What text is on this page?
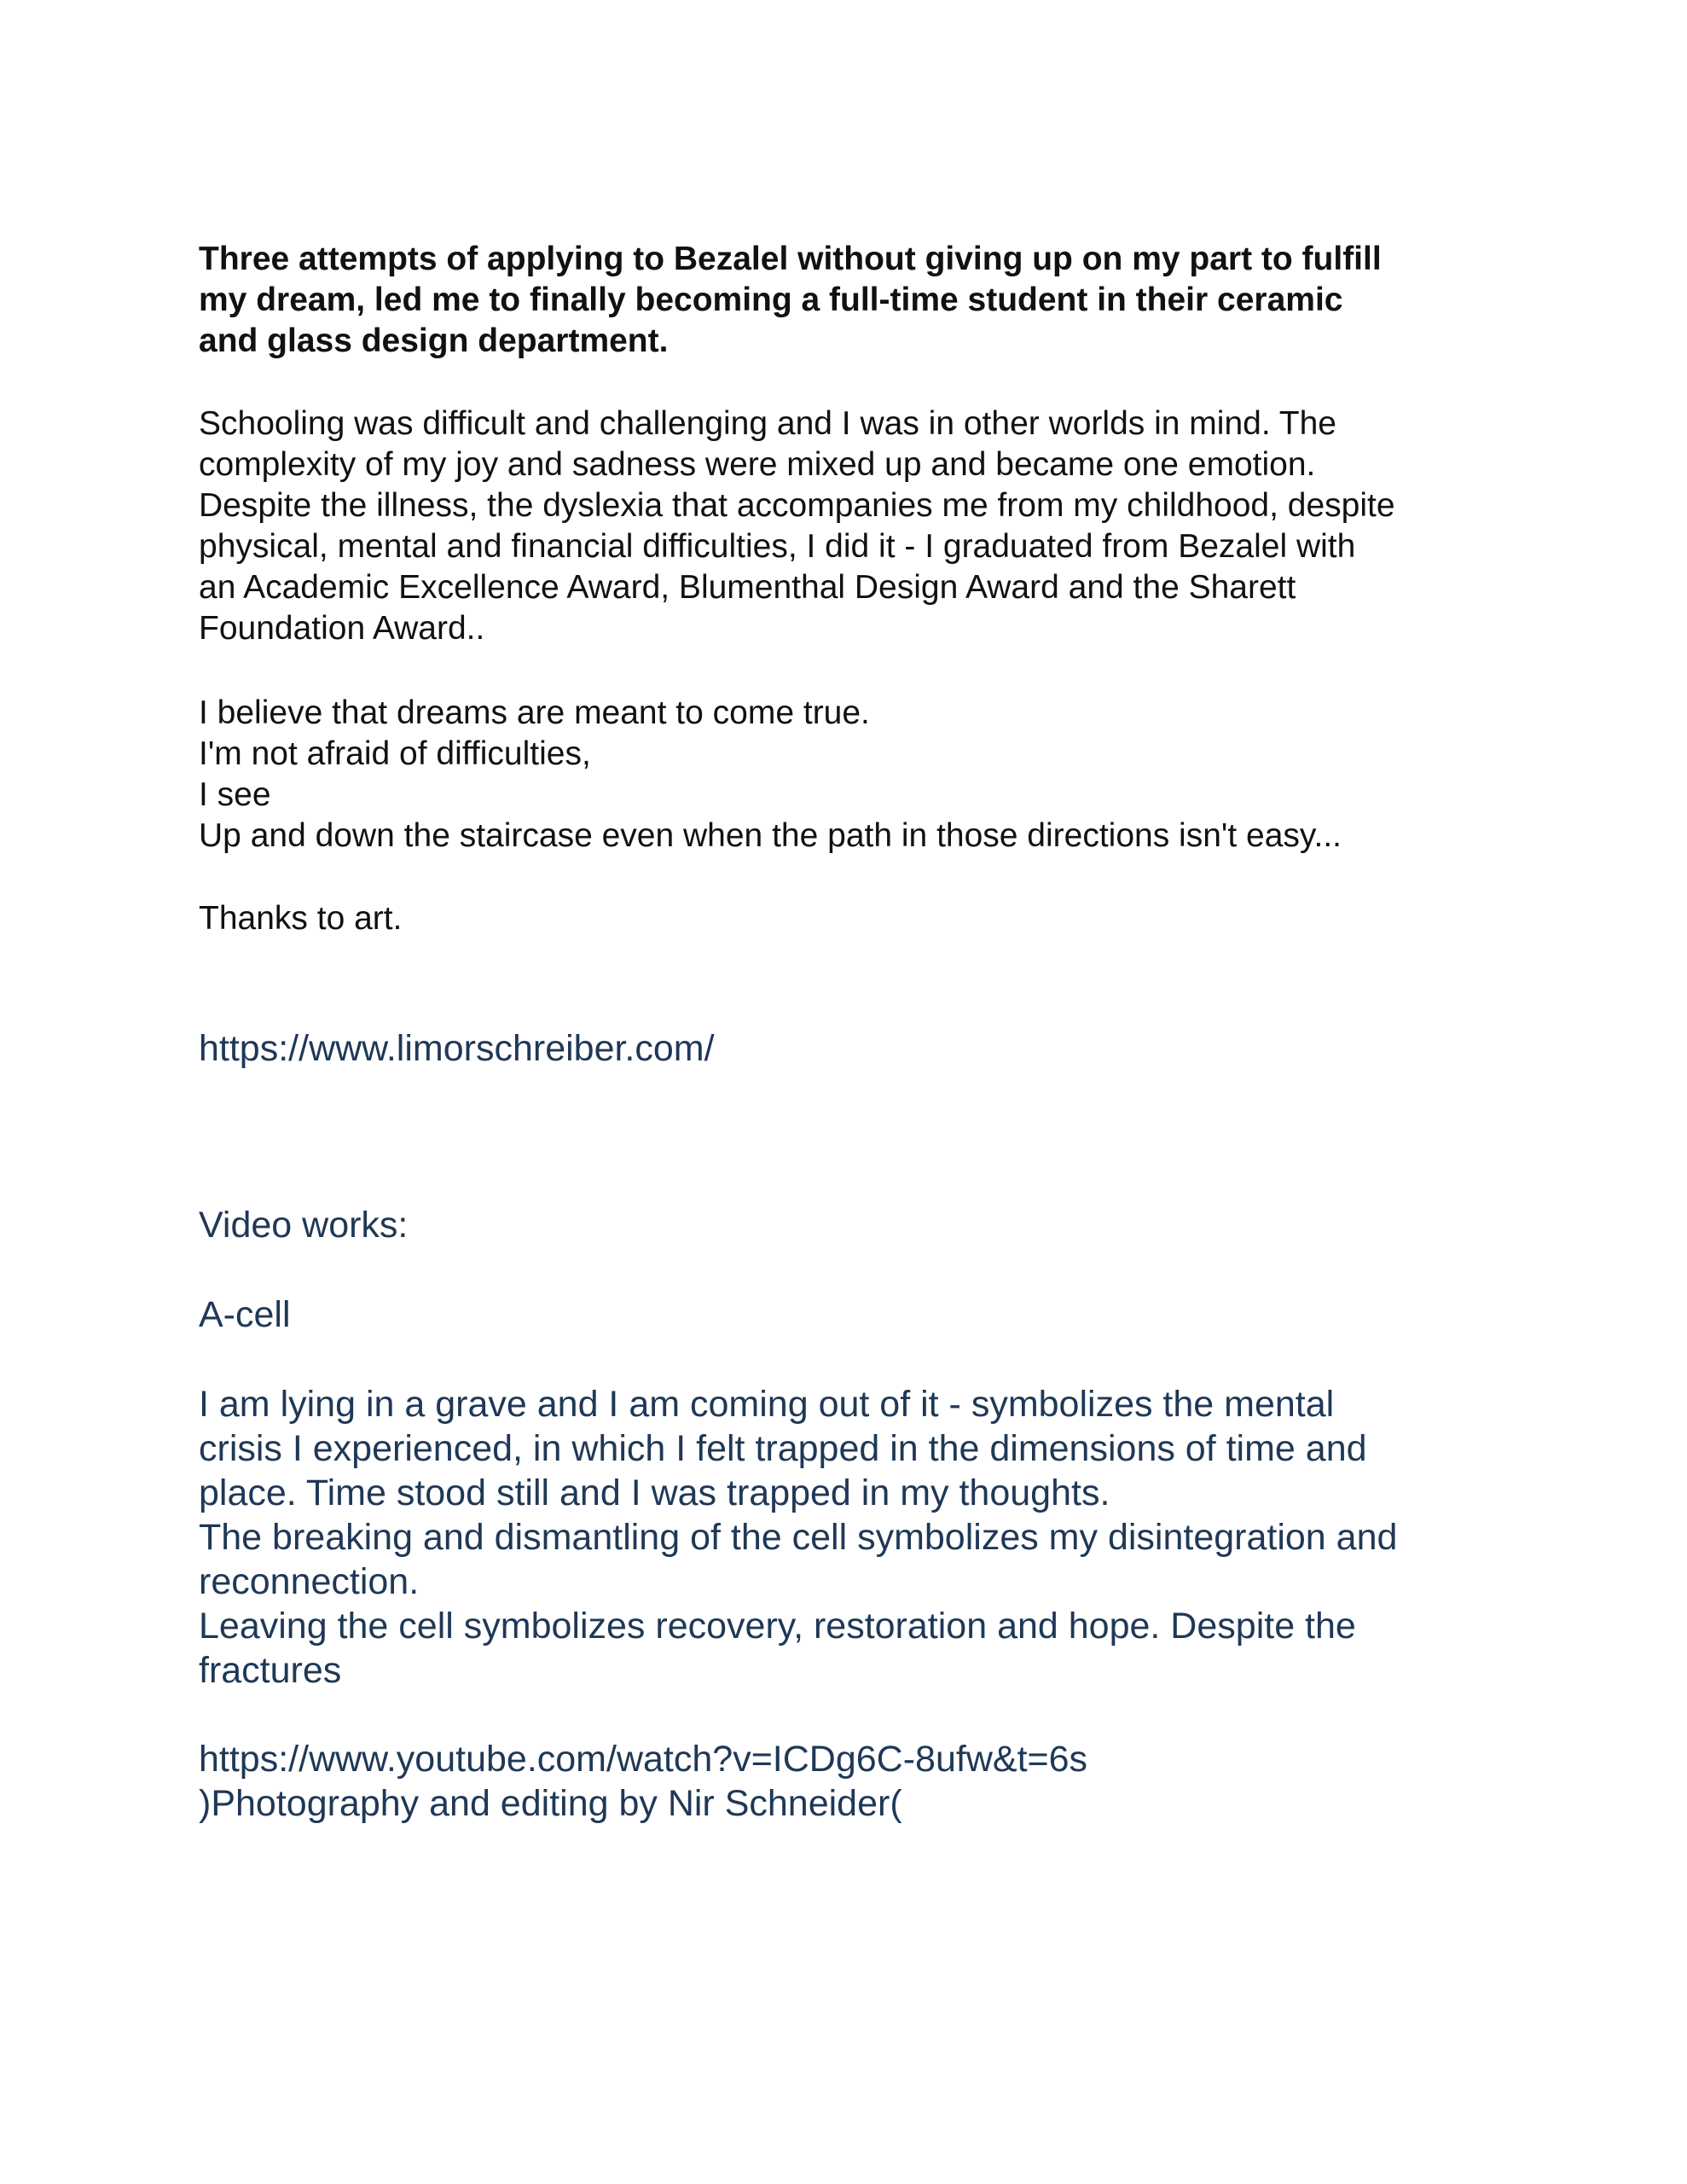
Three attempts of applying to Bezalel without giving up on my part to fulfill
my dream, led me to finally becoming a full-time student in their ceramic
and glass design department.
Schooling was difficult and challenging and I was in other worlds in mind. The
complexity of my joy and sadness were mixed up and became one emotion.
Despite the illness, the dyslexia that accompanies me from my childhood, despite
physical, mental and financial difficulties, I did it - I graduated from Bezalel with
an Academic Excellence Award, Blumenthal Design Award and the Sharett
Foundation Award..
I believe that dreams are meant to come true.
I'm not afraid of difficulties,
I see
Up and down the staircase even when the path in those directions isn't easy...
Thanks to art.
https://www.limorschreiber.com/
Video works:
A-cell
I am lying in a grave and I am coming out of it - symbolizes the mental
crisis I experienced, in which I felt trapped in the dimensions of time and
place. Time stood still and I was trapped in my thoughts.
The breaking and dismantling of the cell symbolizes my disintegration and
reconnection.
Leaving the cell symbolizes recovery, restoration and hope. Despite the
fractures
https://www.youtube.com/watch?v=ICDg6C-8ufw&t=6s
)Photography and editing by Nir Schneider(
